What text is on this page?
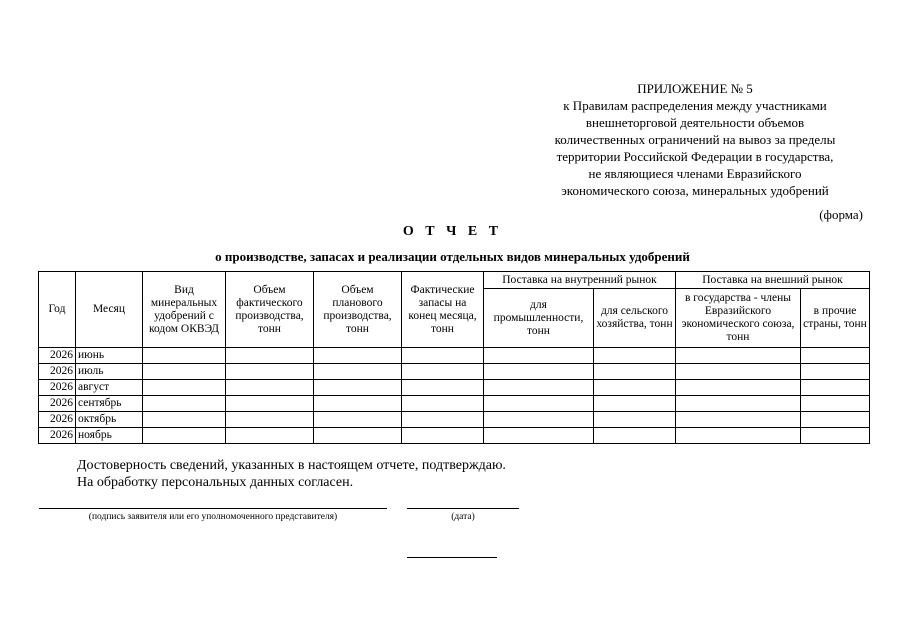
ПРИЛОЖЕНИЕ № 5
к Правилам распределения между участниками
внешнеторговой деятельности объемов
количественных ограничений на вывоз за пределы
территории Российской Федерации в государства,
не являющиеся членами Евразийского
экономического союза, минеральных удобрений
(форма)
О Т Ч Е Т
о производстве, запасах и реализации отдельных видов минеральных удобрений
Год	Месяц	Вид минеральных удобрений с кодом ОКВЭД	Объем фактического производства, тонн	Объем планового производства, тонн	Фактические запасы на конец месяца, тонн	Поставка на внутренний рынок		Поставка на внешний рынок	
						для промышленности, тонн	для сельского хозяйства, тонн	в государства - члены Евразийского экономического союза, тонн	в прочие страны, тонн
2026	июнь								
2026	июль								
2026	август								
2026	сентябрь								
2026	октябрь								
2026	ноябрь								
Достоверность сведений, указанных в настоящем отчете, подтверждаю.
На обработку персональных данных согласен.
(подпись заявителя или его уполномоченного представителя)	(дата)
